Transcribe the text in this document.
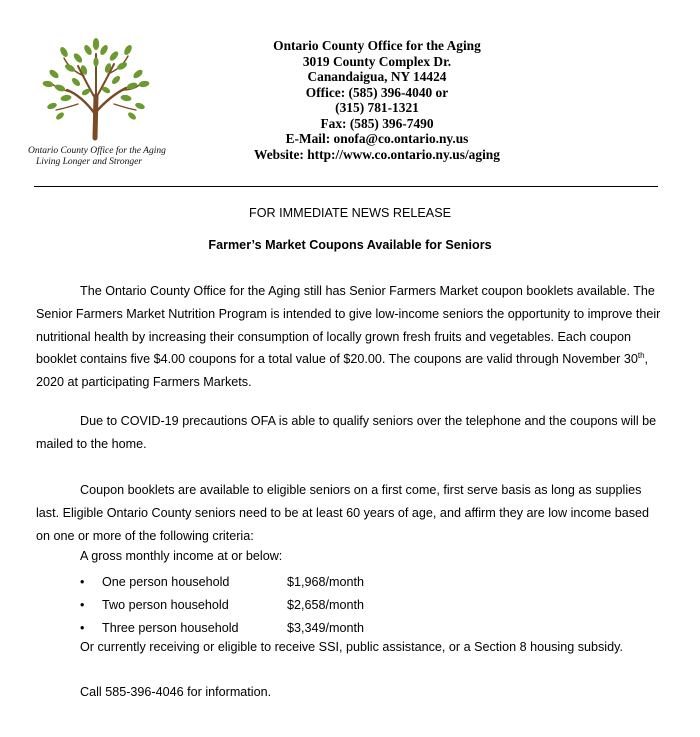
Ontario County Office for the Aging
Living Longer and Stronger
Ontario County Office for the Aging
3019 County Complex Dr.
Canandaigua, NY 14424
Office: (585) 396-4040 or
(315) 781-1321
Fax: (585) 396-7490
E-Mail: onofa@co.ontario.ny.us
Website: http://www.co.ontario.ny.us/aging
FOR IMMEDIATE NEWS RELEASE
Farmer’s Market Coupons Available for Seniors

The Ontario County Office for the Aging still has Senior Farmers Market coupon booklets available. The Senior Farmers Market Nutrition Program is intended to give low-income seniors the opportunity to improve their nutritional health by increasing their consumption of locally grown fresh fruits and vegetables. Each coupon booklet contains five $4.00 coupons for a total value of $20.00. The coupons are valid through November 30th, 2020 at participating Farmers Markets.

Due to COVID-19 precautions OFA is able to qualify seniors over the telephone and the coupons will be mailed to the home.

Coupon booklets are available to eligible seniors on a first come, first serve basis as long as supplies last. Eligible Ontario County seniors need to be at least 60 years of age, and affirm they are low income based on one or more of the following criteria:

A gross monthly income at or below:
• One person household	$1,968/month
• Two person household	$2,658/month
• Three person household	$3,349/month
Or currently receiving or eligible to receive SSI, public assistance, or a Section 8 housing subsidy.
Call 585-396-4046 for information.
